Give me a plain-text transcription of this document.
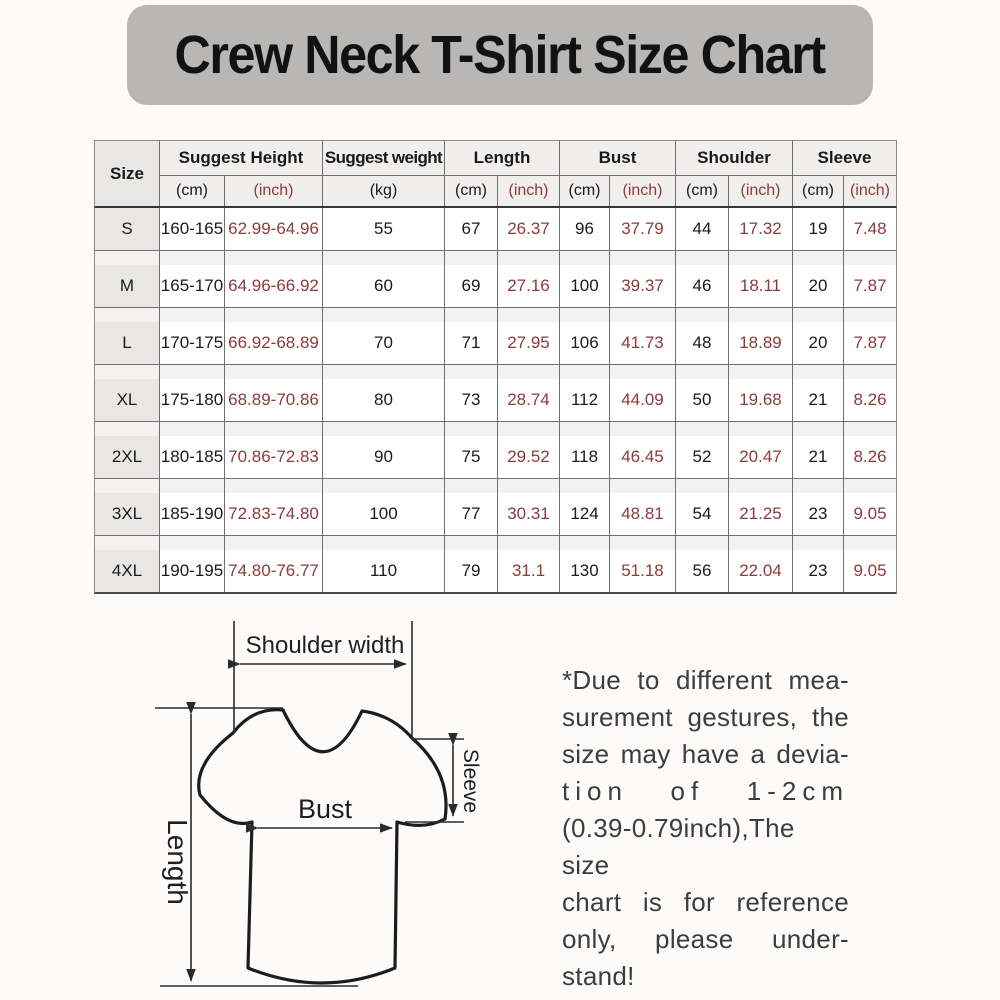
Crew Neck T-Shirt Size Chart
Size
Suggest Height	Suggest weight	Length	Bust	Shoulder	Sleeve
(cm)	(inch)	(kg)	(cm)	(inch)	(cm)	(inch)	(cm)	(inch)	(cm)	(inch)
S	160-165 62.99-64.96	55	67	26.37	96	37.79	44	17.32	19	7.48
M	165-170 64.96-66.92	60	69	27.16	100	39.37	46	18.11	20	7.87
L	170-175 66.92-68.89	70	71	27.95	106	41.73	48	18.89	20	7.87
XL	175-180 68.89-70.86	80	73	28.74	112	44.09	50	19.68	21	8.26
2XL	180-185 70.86-72.83	90	75	29.52	118	46.45	52	20.47	21	8.26
3XL	185-190 72.83-74.80	100	77	30.31	124	48.81	54	21.25	23	9.05
4XL	190-195 74.80-76.77	110	79	31.1	130	51.18	56	22.04	23	9.05
Shoulder width
Bust
Length
Sleeve
*Due to different mea-
surement gestures, the
size may have a devia-
tion of 1-2cm
(0.39-0.79inch),The size
chart is for reference
only, please under-
stand!
